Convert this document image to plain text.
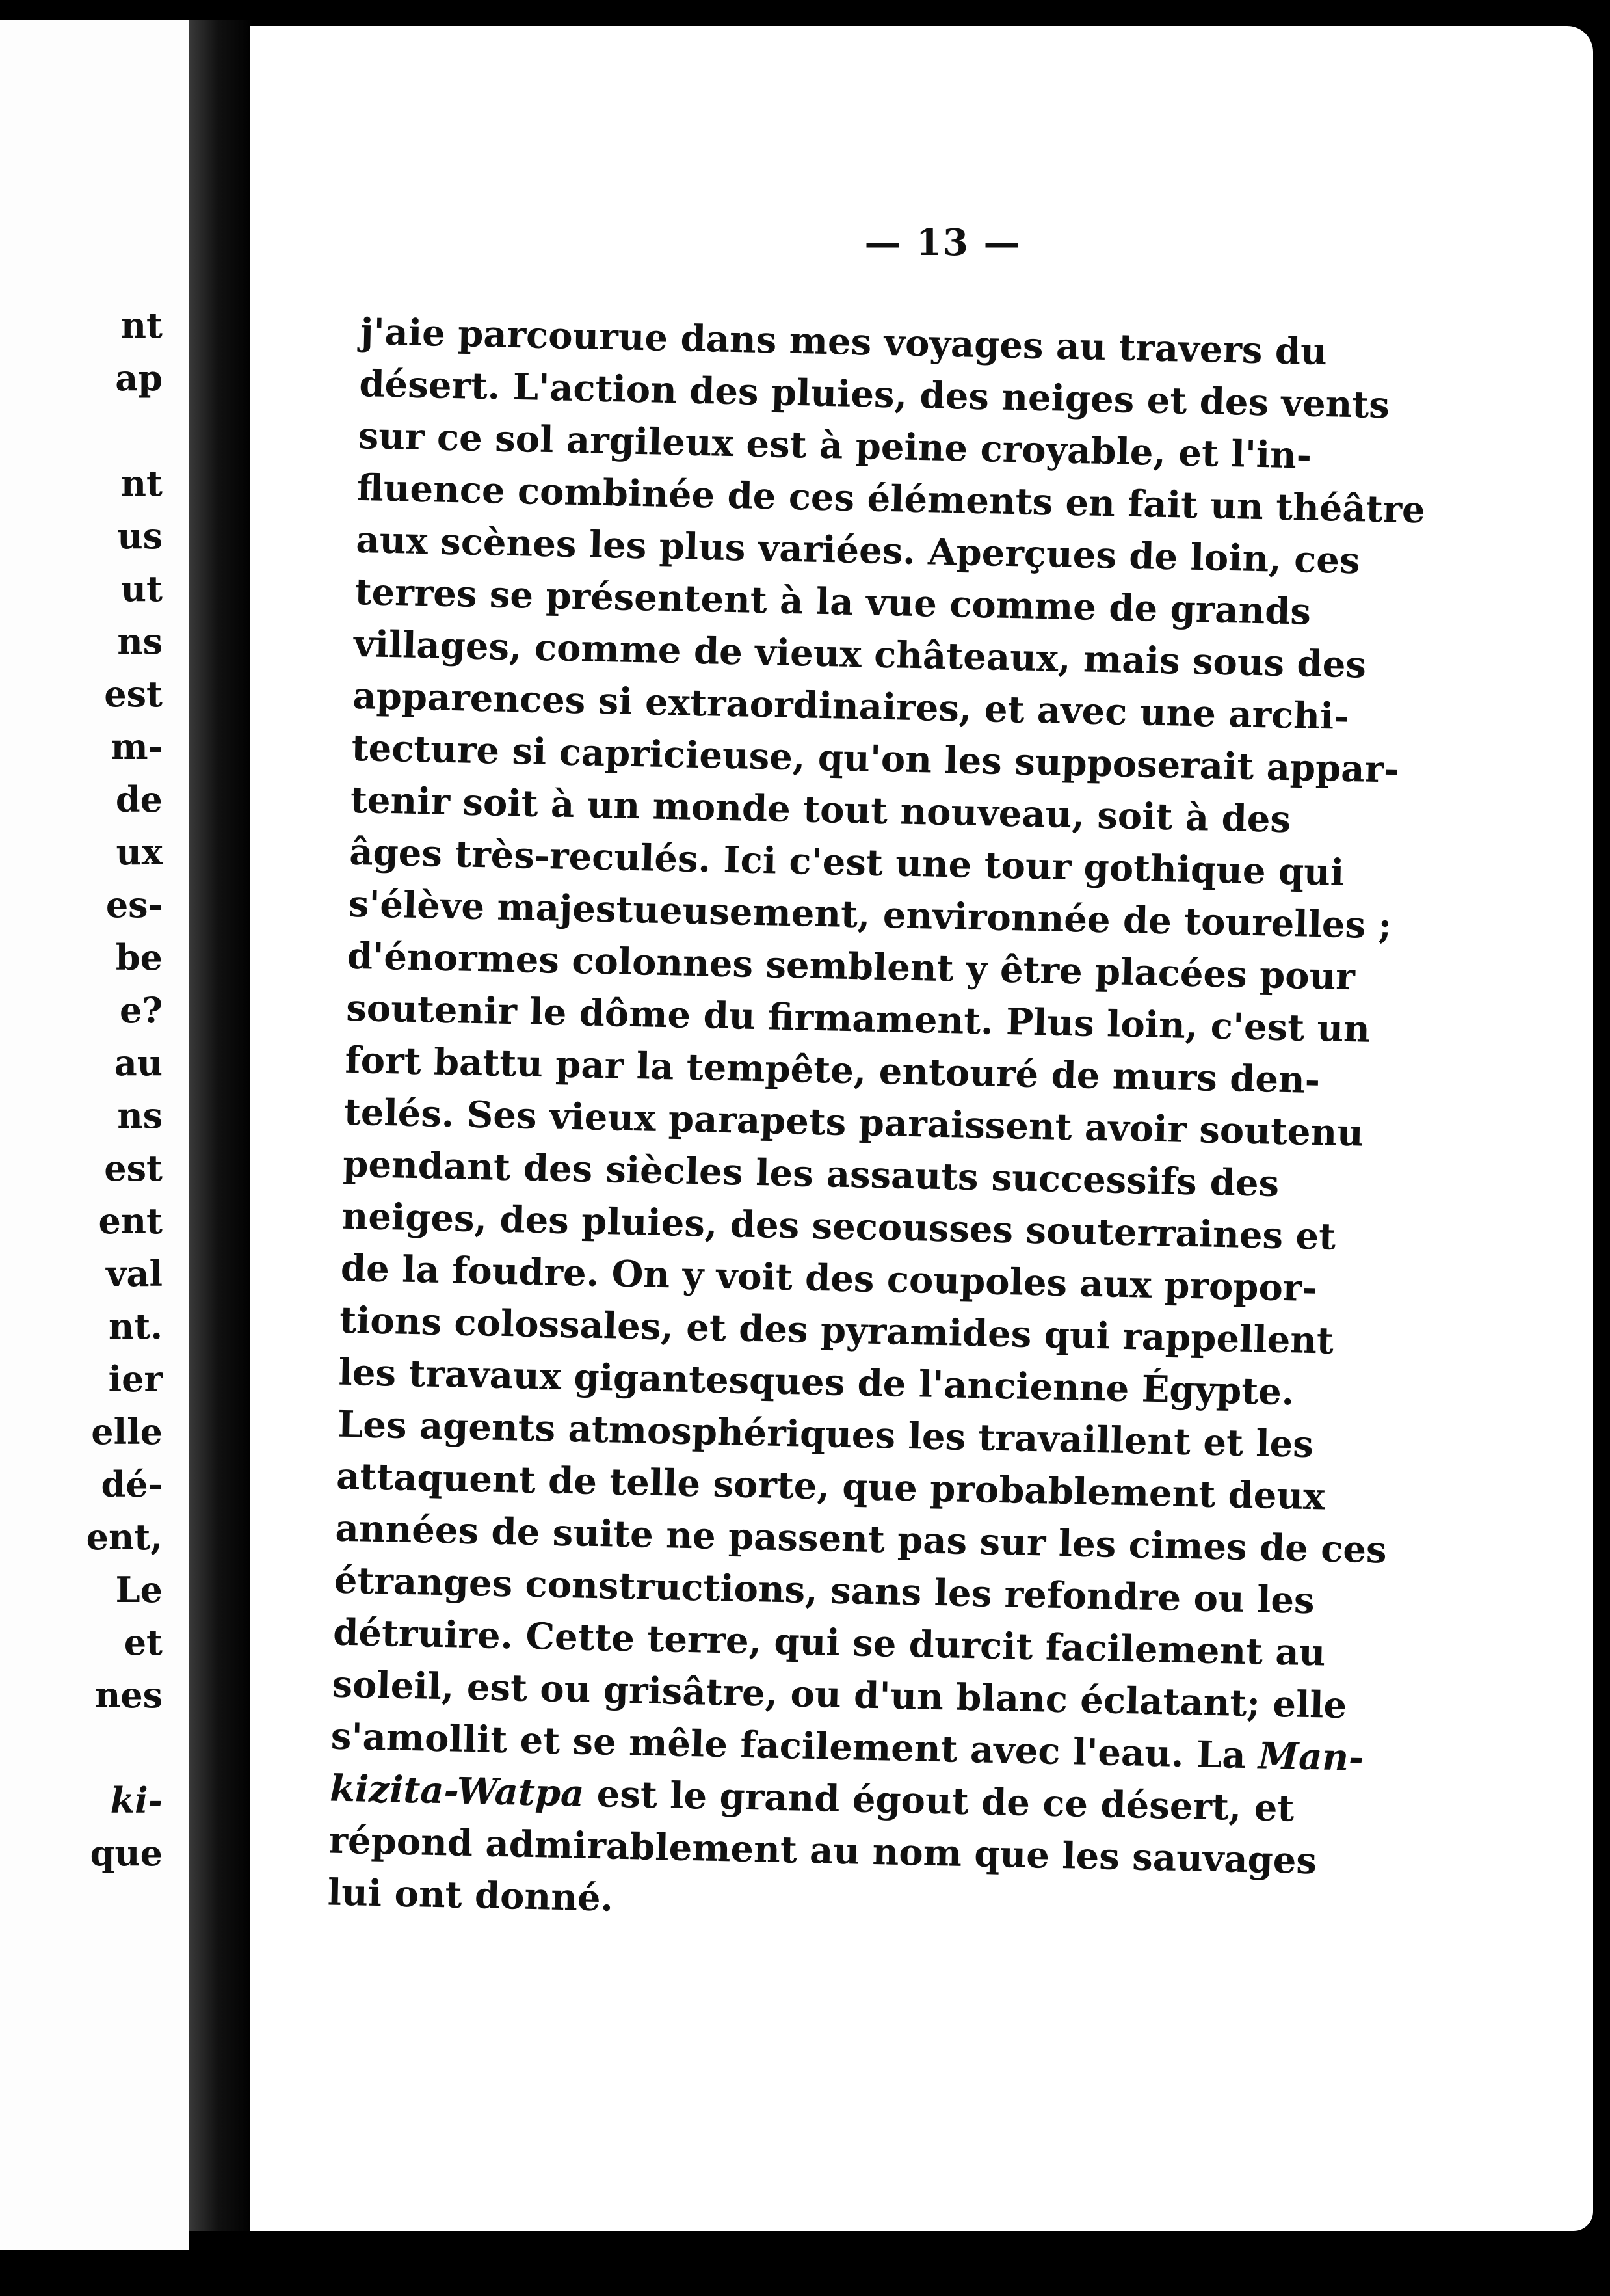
nt
ap
nt
us
ut
ns
est
m-
de
ux
es-
be
e?
au
ns
est
ent
val
nt.
ier
elle
dé-
ent,
Le
et
nes
ki-
que
— 13 —
j'aie parcourue dans mes voyages au travers du
désert. L'action des pluies, des neiges et des vents
sur ce sol argileux est à peine croyable, et l'in-
fluence combinée de ces éléments en fait un théâtre
aux scènes les plus variées. Aperçues de loin, ces
terres se présentent à la vue comme de grands
villages, comme de vieux châteaux, mais sous des
apparences si extraordinaires, et avec une archi-
tecture si capricieuse, qu'on les supposerait appar-
tenir soit à un monde tout nouveau, soit à des
âges très-reculés. Ici c'est une tour gothique qui
s'élève majestueusement, environnée de tourelles ;
d'énormes colonnes semblent y être placées pour
soutenir le dôme du firmament. Plus loin, c'est un
fort battu par la tempête, entouré de murs den-
telés. Ses vieux parapets paraissent avoir soutenu
pendant des siècles les assauts successifs des
neiges, des pluies, des secousses souterraines et
de la foudre. On y voit des coupoles aux propor-
tions colossales, et des pyramides qui rappellent
les travaux gigantesques de l'ancienne Égypte.
Les agents atmosphériques les travaillent et les
attaquent de telle sorte, que probablement deux
années de suite ne passent pas sur les cimes de ces
étranges constructions, sans les refondre ou les
détruire. Cette terre, qui se durcit facilement au
soleil, est ou grisâtre, ou d'un blanc éclatant; elle
s'amollit et se mêle facilement avec l'eau. La Man-
kizita-Watpa est le grand égout de ce désert, et
répond admirablement au nom que les sauvages
lui ont donné.
